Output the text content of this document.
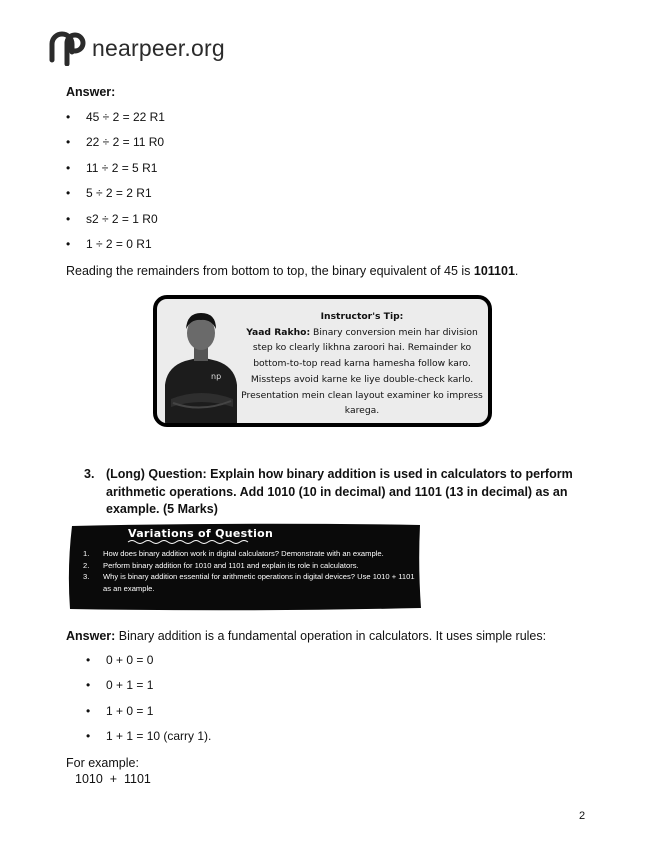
nearpeer.org
Answer:
• 45 ÷ 2 = 22 R1
• 22 ÷ 2 = 11 R0
• 11 ÷ 2 = 5 R1
• 5 ÷ 2 = 2 R1
• s2 ÷ 2 = 1 R0
• 1 ÷ 2 = 0 R1
Reading the remainders from bottom to top, the binary equivalent of 45 is 101101.
np
Instructor's Tip:
Yaad Rakho: Binary conversion mein har division step ko clearly likhna zaroori hai. Remainder ko bottom-to-top read karna hamesha follow karo. Missteps avoid karne ke liye double-check karlo. Presentation mein clean layout examiner ko impress karega.
3. (Long) Question: Explain how binary addition is used in calculators to perform arithmetic operations. Add 1010 (10 in decimal) and 1101 (13 in decimal) as an example. (5 Marks)
Variations of Question
1. How does binary addition work in digital calculators? Demonstrate with an example.
2. Perform binary addition for 1010 and 1101 and explain its role in calculators.
3. Why is binary addition essential for arithmetic operations in digital devices? Use 1010 + 1101 as an example.
Answer: Binary addition is a fundamental operation in calculators. It uses simple rules:
• 0 + 0 = 0
• 0 + 1 = 1
• 1 + 0 = 1
• 1 + 1 = 10 (carry 1).
For example:
1010  +  1101
2
